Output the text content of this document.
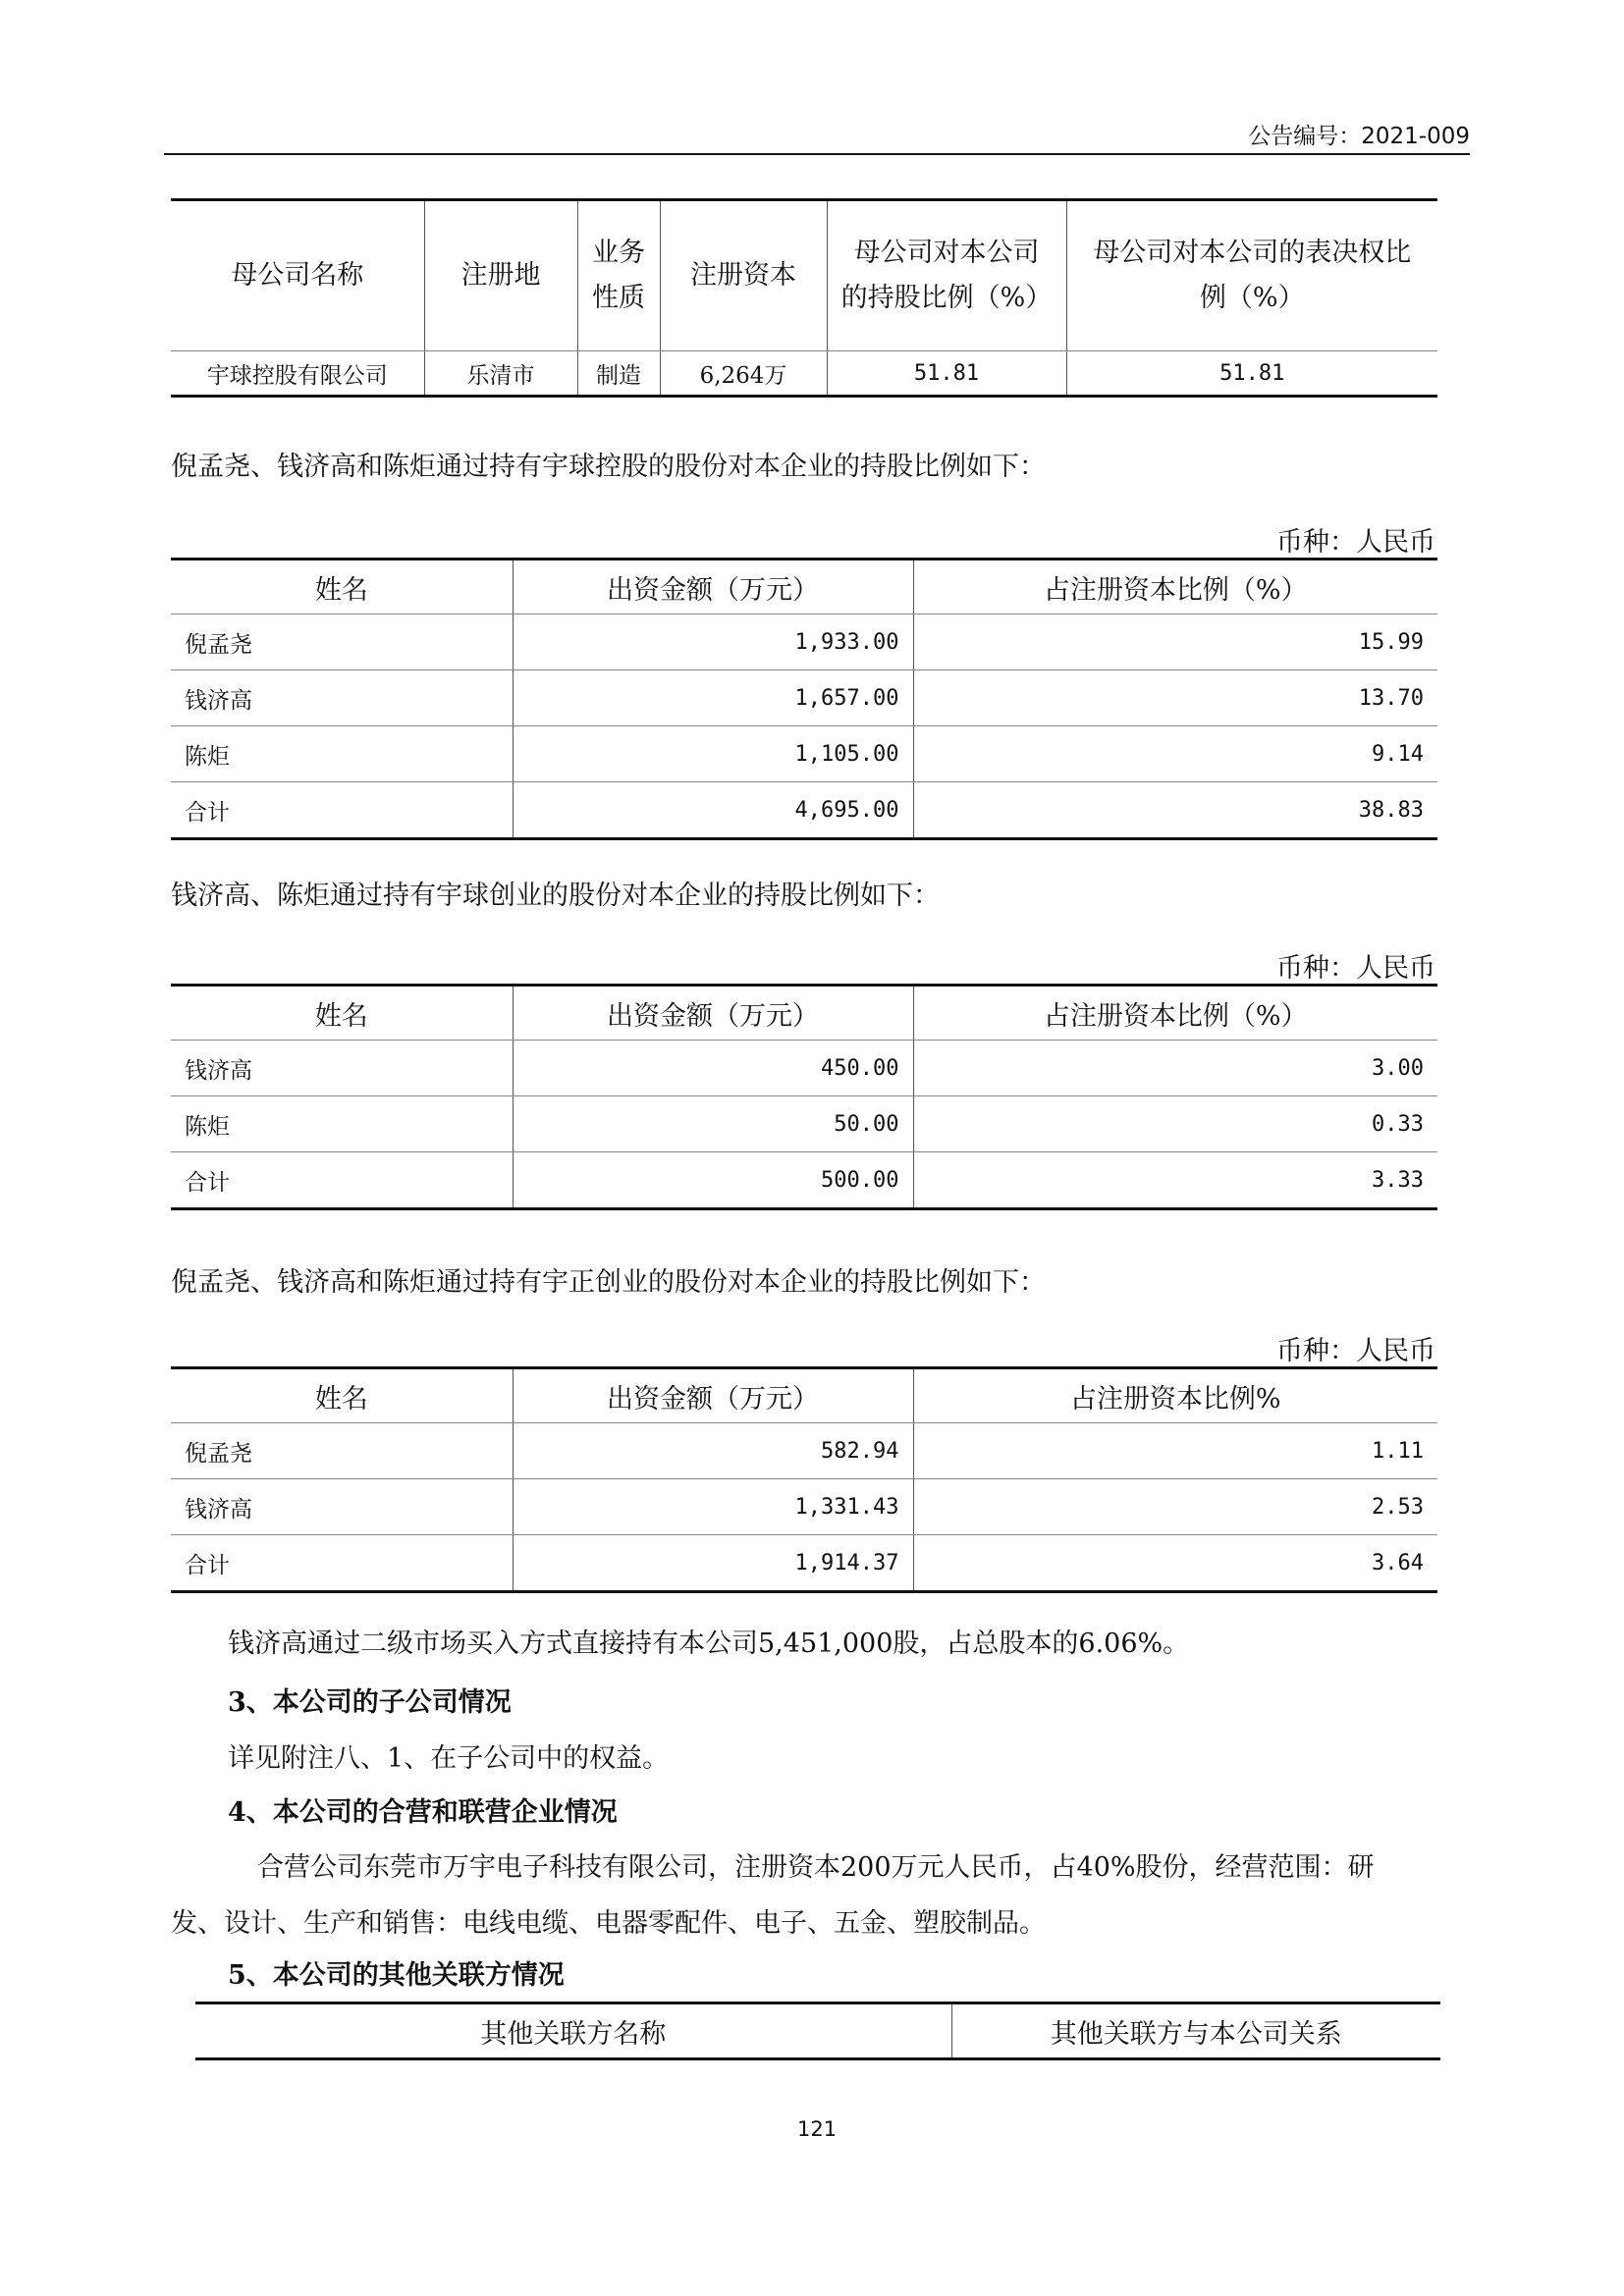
公告编号：2021-009
母公司名称	注册地	业务性质	注册资本	母公司对本公司的持股比例（%）	母公司对本公司的表决权比例（%）
宇球控股有限公司	乐清市	制造	6,264万	51.81	51.81
倪孟尧、钱济高和陈炬通过持有宇球控股的股份对本企业的持股比例如下：
币种：人民币
姓名	出资金额（万元）	占注册资本比例（%）
倪孟尧	1,933.00	15.99
钱济高	1,657.00	13.70
陈炬	1,105.00	9.14
合计	4,695.00	38.83
钱济高、陈炬通过持有宇球创业的股份对本企业的持股比例如下：
币种：人民币
姓名	出资金额（万元）	占注册资本比例（%）
钱济高	450.00	3.00
陈炬	50.00	0.33
合计	500.00	3.33
倪孟尧、钱济高和陈炬通过持有宇正创业的股份对本企业的持股比例如下：
币种：人民币
姓名	出资金额（万元）	占注册资本比例%
倪孟尧	582.94	1.11
钱济高	1,331.43	2.53
合计	1,914.37	3.64
钱济高通过二级市场买入方式直接持有本公司5,451,000股，占总股本的6.06%。
3、本公司的子公司情况
详见附注八、1、在子公司中的权益。
4、本公司的合营和联营企业情况
合营公司东莞市万宇电子科技有限公司，注册资本200万元人民币，占40%股份，经营范围：研
发、设计、生产和销售：电线电缆、电器零配件、电子、五金、塑胶制品。
5、本公司的其他关联方情况
其他关联方名称	其他关联方与本公司关系
121
